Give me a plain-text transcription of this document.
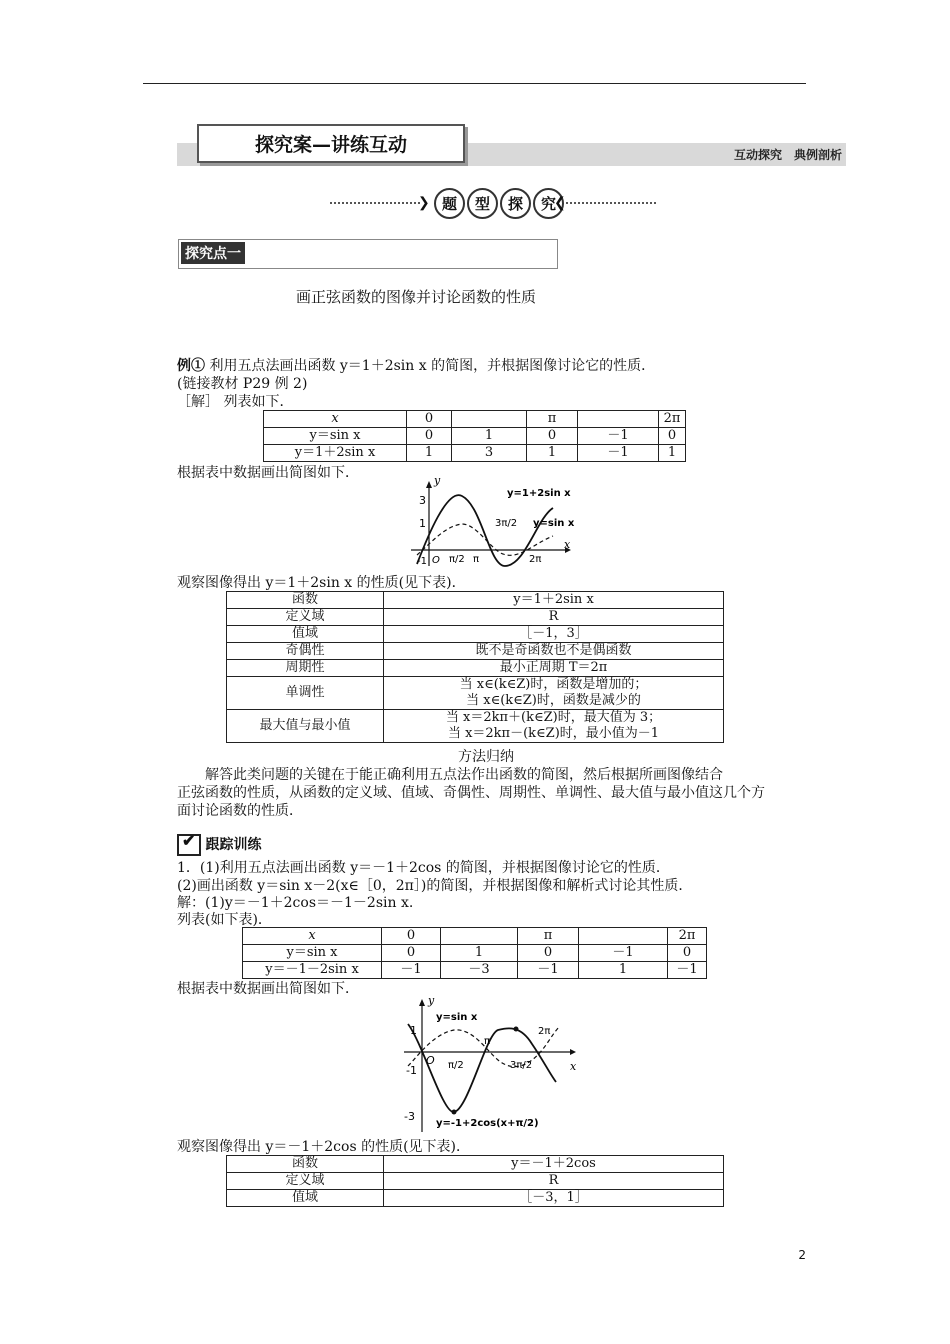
探究案—讲练互动	互动探究　典例剖析
❯ 题	型	探	究
❮
探究点一
画正弦函数的图像并讨论函数的性质
例① 利用五点法画出函数 y＝1＋2sin x 的简图，并根据图像讨论它的性质．
(链接教材 P29 例 2)
［解］ 列表如下．
x	0		π		2π
y＝sin x	0	1	0	－1	0
y＝1＋2sin x	1	3	1	－1	1
根据表中数据画出简图如下．	y
x
3
1
-1 O π/2 π
3π/2
2π
y=1+2sin x
y=sin x
观察图像得出 y＝1＋2sin x 的性质(见下表)．
函数	y＝1＋2sin x
定义域	R
值域	［－1，3］
奇偶性	既不是奇函数也不是偶函数
周期性	最小正周期 T＝2π
单调性	当 x∈(k∈Z)时，函数是增加的；
当 x∈(k∈Z)时，函数是减少的

最大值与最小值	当 x＝2kπ＋(k∈Z)时，最大值为 3；
当 x＝2kπ－(k∈Z)时，最小值为－1
方法归纳
解答此类问题的关键在于能正确利用五点法作出函数的简图，然后根据所画图像结合
正弦函数的性质，从函数的定义域、值域、奇偶性、周期性、单调性、最大值与最小值这几个方
面讨论函数的性质．
✔ 跟踪训练
1．(1)利用五点法画出函数 y＝－1＋2cos 的简图，并根据图像讨论它的性质．
(2)画出函数 y＝sin x－2(x∈［0，2π］)的简图，并根据图像和解析式讨论其性质．
解：(1)y＝－1＋2cos＝－1－2sin x.
列表(如下表)．
x	0		π		2π
y＝sin x	0	1	0	－1	0
y＝－1－2sin x	－1	－3	－1	1	－1
根据表中数据画出简图如下．
y
x
1
-1
-3
O π/2
π
3π/2
2π
y=sin x
y=-1+2cos(x+π/2)
观察图像得出 y＝－1＋2cos 的性质(见下表)．
函数	y＝－1＋2cos
定义域	R
值域	［－3，1］
2
